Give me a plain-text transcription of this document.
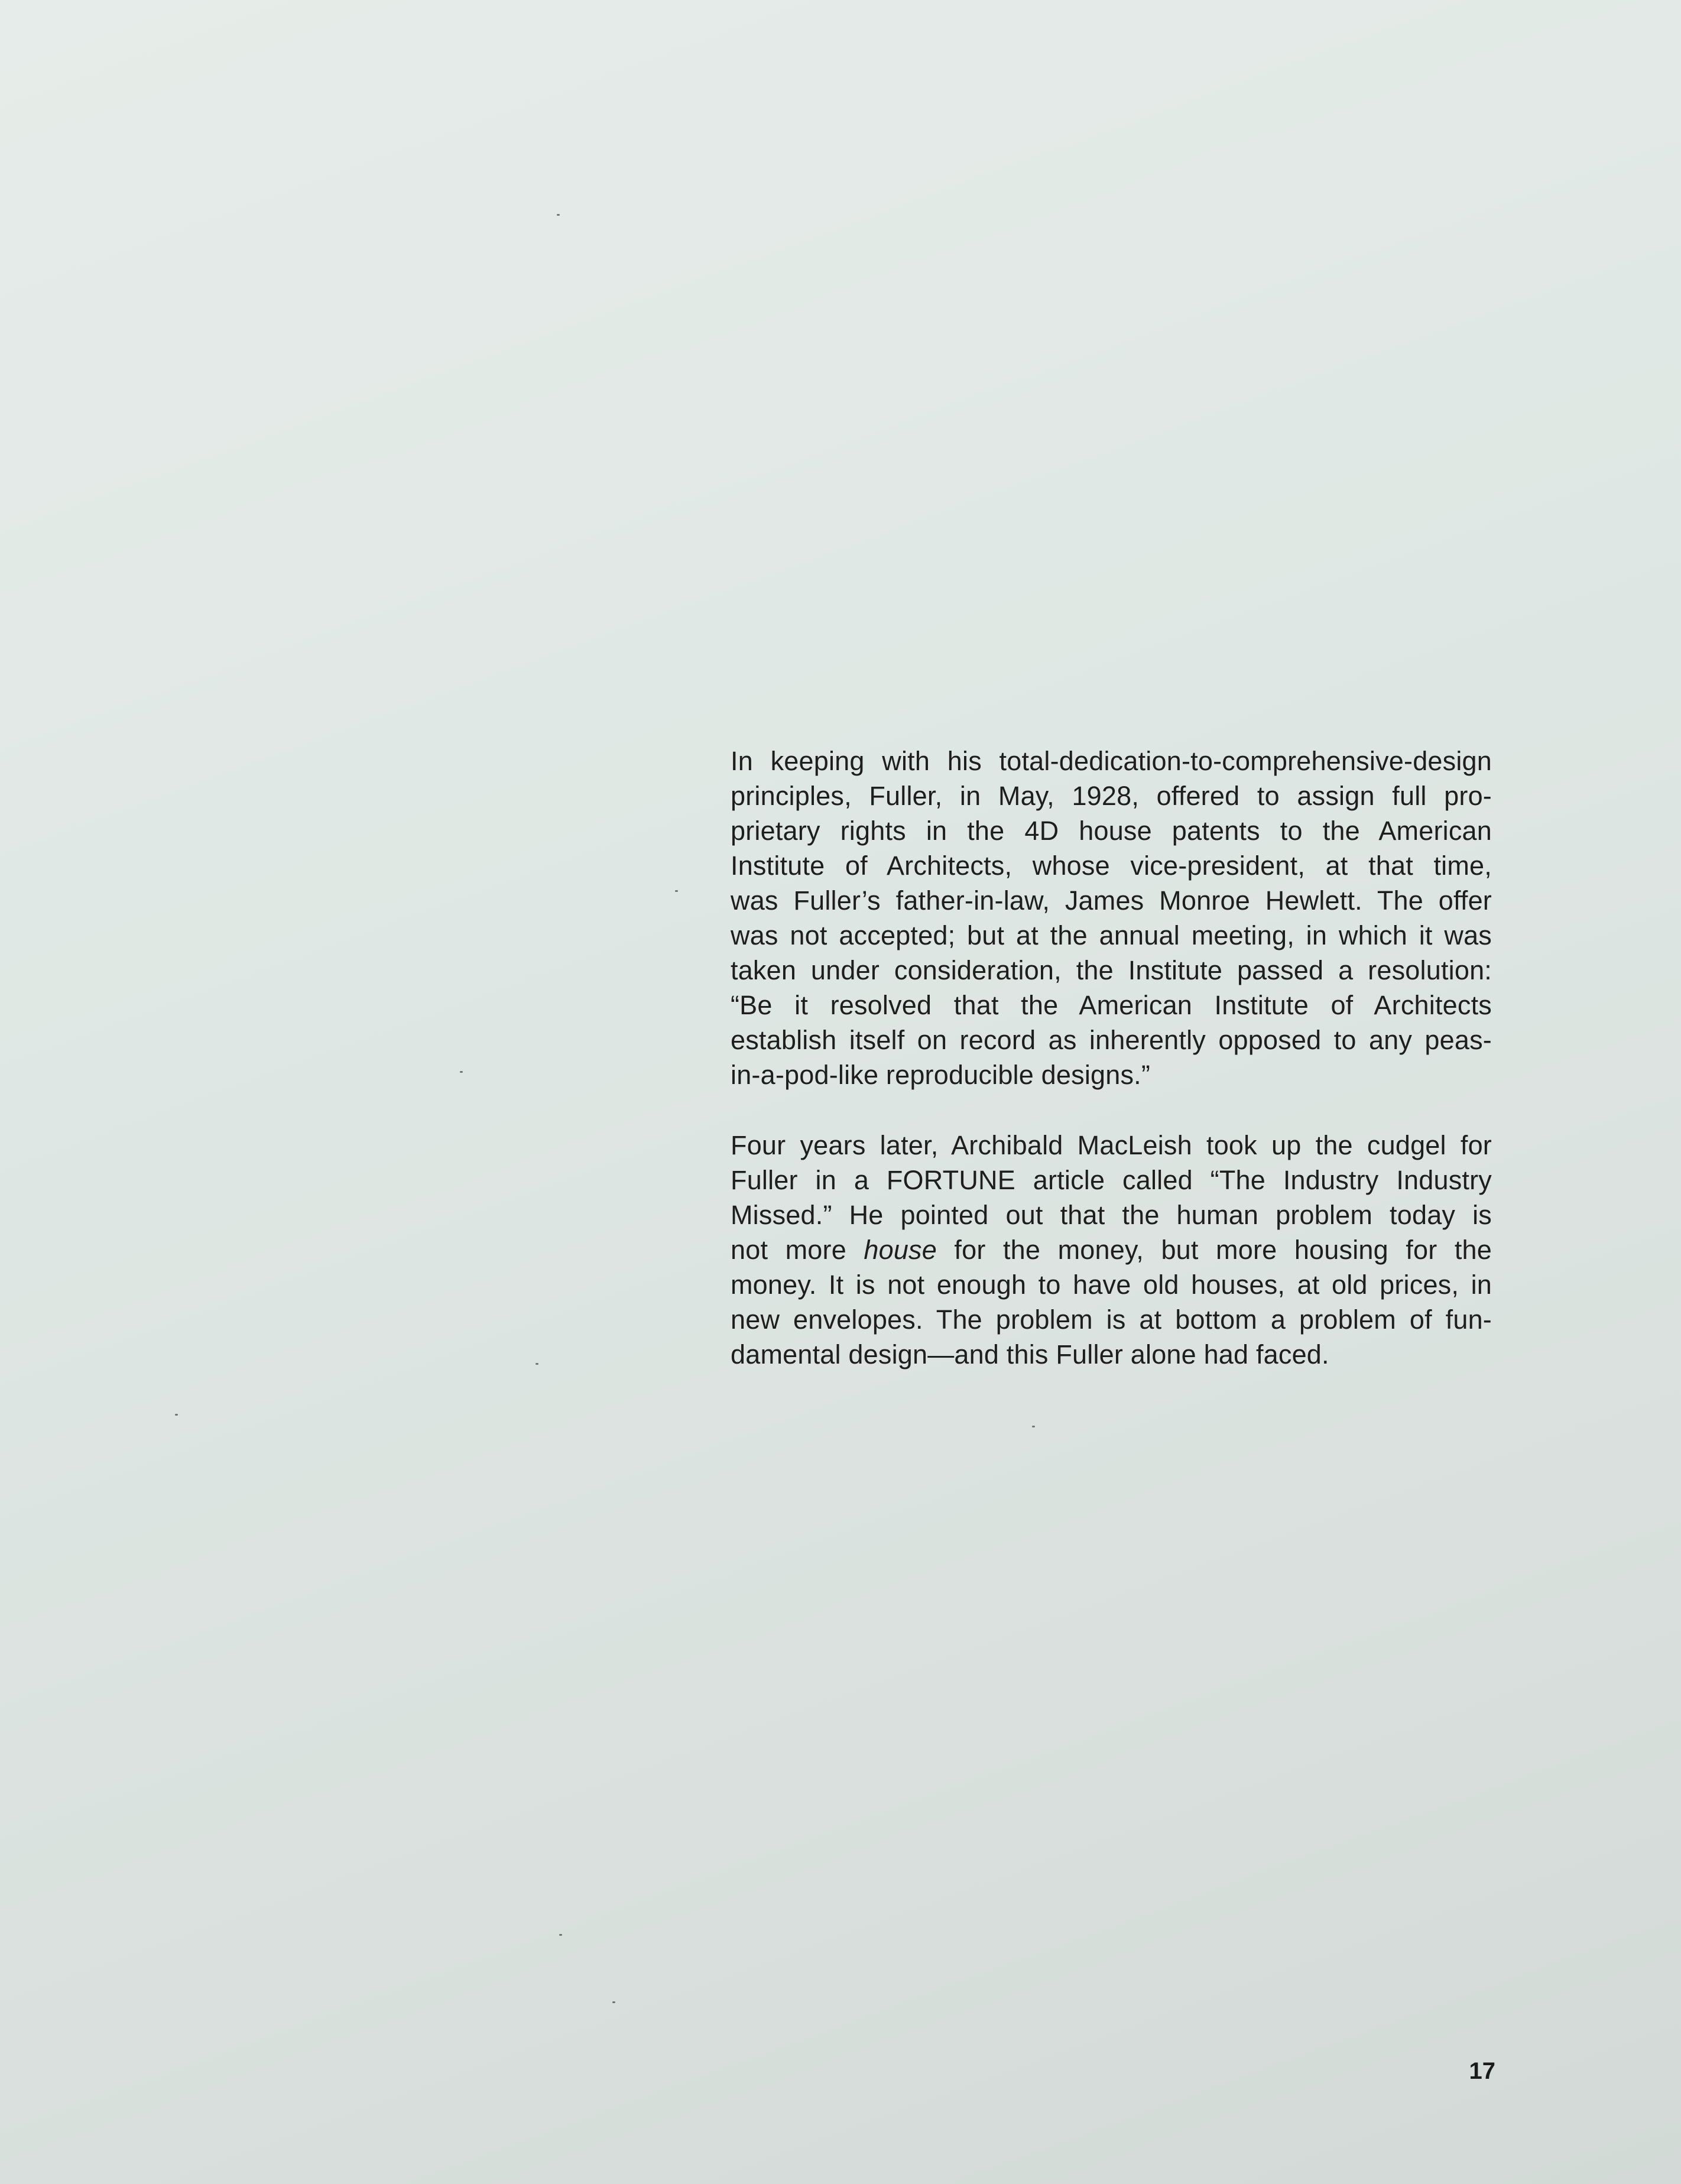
In keeping with his total-dedication-to-comprehensive-design
principles, Fuller, in May, 1928, offered to assign full pro-
prietary rights in the 4D house patents to the American
Institute of Architects, whose vice-president, at that time,
was Fuller’s father-in-law, James Monroe Hewlett. The offer
was not accepted; but at the annual meeting, in which it was
taken under consideration, the Institute passed a resolution:
“Be it resolved that the American Institute of Architects
establish itself on record as inherently opposed to any peas-
in-a-pod-like reproducible designs.”
Four years later, Archibald MacLeish took up the cudgel for
Fuller in a FORTUNE article called “The Industry Industry
Missed.” He pointed out that the human problem today is
not more house for the money, but more housing for the
money. It is not enough to have old houses, at old prices, in
new envelopes. The problem is at bottom a problem of fun-
damental design—and this Fuller alone had faced.
17
